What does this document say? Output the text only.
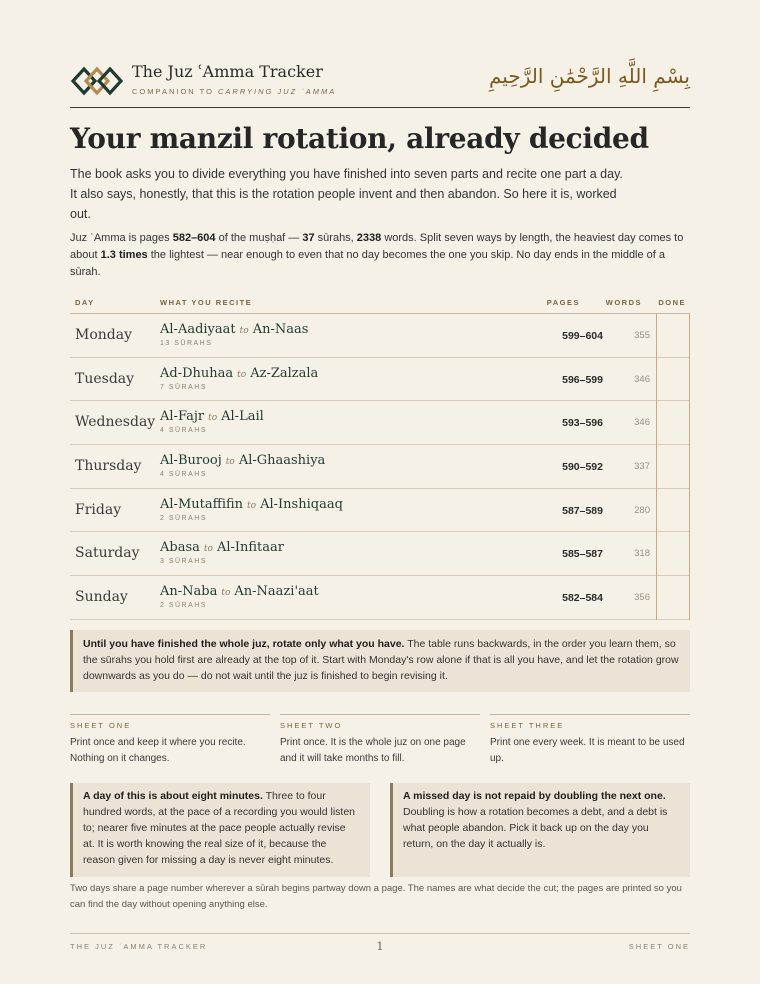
The Juz ʿAmma Tracker
COMPANION TO CARRYING JUZ ʿAMMA
بِسْمِ اللَّهِ الرَّحْمَٰنِ الرَّحِيمِ
Your manzil rotation, already decided

The book asks you to divide everything you have finished into seven parts and recite one part a day. It also says, honestly, that this is the rotation people invent and then abandon. So here it is, worked out.

Juz ʿAmma is pages 582–604 of the muṣḥaf — 37 sūrahs, 2338 words. Split seven ways by length, the heaviest day comes to about 1.3 times the lightest — near enough to even that no day becomes the one you skip. No day ends in the middle of a sūrah.

DAY	WHAT YOU RECITE	PAGES	WORDS DONE
Monday Al-Aadiyaat to An-Naas
13 SŪRAHS
599–604	355
Tuesday Ad-Dhuhaa to Az-Zalzala
7 SŪRAHS
596–599	346
Wednesday Al-Fajr to Al-Lail
4 SŪRAHS
593–596	346
Thursday Al-Burooj to Al-Ghaashiya
4 SŪRAHS
590–592	337
Friday	Al-Mutaffifin to Al-Inshiqaaq
2 SŪRAHS
587–589	280
Saturday Abasa to Al-Infitaar
3 SŪRAHS
585–587	318
Sunday An-Naba to An-Naazi'aat
2 SŪRAHS
582–584	356
Until you have finished the whole juz, rotate only what you have. The table runs backwards, in the order you learn them, so the sūrahs you hold first are already at the top of it. Start with Monday's row alone if that is all you have, and let the rotation grow downwards as you do — do not wait until the juz is finished to begin revising it.
SHEET ONE
Print once and keep it where you recite. Nothing on it changes.
SHEET TWO
Print once. It is the whole juz on one page and it will take months to fill.
SHEET THREE
Print one every week. It is meant to be used up.
A day of this is about eight minutes. Three to four hundred words, at the pace of a recording you would listen to; nearer five minutes at the pace people actually revise at. It is worth knowing the real size of it, because the reason given for missing a day is never eight minutes.
A missed day is not repaid by doubling the next one. Doubling is how a rotation becomes a debt, and a debt is what people abandon. Pick it back up on the day you return, on the day it actually is.

Two days share a page number wherever a sūrah begins partway down a page. The names are what decide the cut; the pages are printed so you can find the day without opening anything else.

THE JUZ ʿAMMA TRACKER	1	SHEET ONE
